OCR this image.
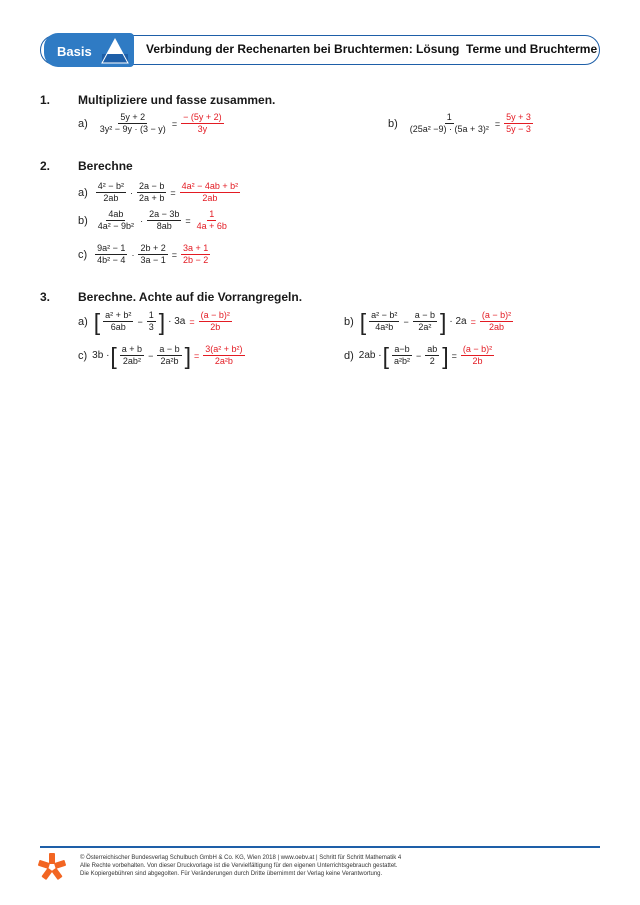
Basis	Verbindung der Rechenarten bei Bruchtermen: Lösung Terme und Bruchterme
1. Multipliziere und fasse zusammen.
$a) \frac{5y + 2}{\text{3y² − 9y · (3 − y)}} = \frac{- (5y + 2)}{3y}$	$b) \frac{1}{\text{(25a² −9) · (5a + 3)²}} = \frac{5y + 3}{5y - 3}$
2. Berechne
$a) \frac{\text{4² − b²}}{2ab} \cdot \frac{2a - b}{2a + b} = \frac{\text{4a² − 4ab + b²}}{2ab}$
$b) \frac{4ab}{\text{4a² − 9b²}} \cdot \frac{2a - 3b}{8ab} = \frac{1}{4a + 6b}$
$c) \frac{\text{9a² − 1}}{\text{4b² − 4}} \cdot \frac{2b + 2}{3a - 1} = \frac{3a + 1}{2b - 2}$
3. Berechne. Achte auf die Vorrangregeln.
a) [ $\frac{\text{a² + b²}}{6ab} - \frac{1}{3}$ ] · $3a = \frac{\text{(a − b)²}}{2b}$	b) [ $\frac{\text{a² − b²}}{\text{4a²b}} - \frac{a - b}{\text{2a²}}$ ] · $2a = \frac{\text{(a − b)²}}{2ab}$
c) 3b · [ $\frac{a + b}{\text{2ab²}} - \frac{a - b}{\text{2a²b}}$ ] = $\frac{\text{3(a² + b²)}}{\text{2a²b}}$	d) 2ab · [ $\frac{a-b}{\text{a²b²}} - \frac{ab}{2}$ ] = $\frac{\text{(a − b)²}}{2b}$
© Österreichischer Bundesverlag Schulbuch GmbH & Co. KG, Wien 2018 | www.oebv.at | Schritt für Schritt Mathematik 4
Alle Rechte vorbehalten. Von dieser Druckvorlage ist die Vervielfältigung für den eigenen Unterrichtsgebrauch gestattet.
Die Kopiergebühren sind abgegolten. Für Veränderungen durch Dritte übernimmt der Verlag keine Verantwortung.
